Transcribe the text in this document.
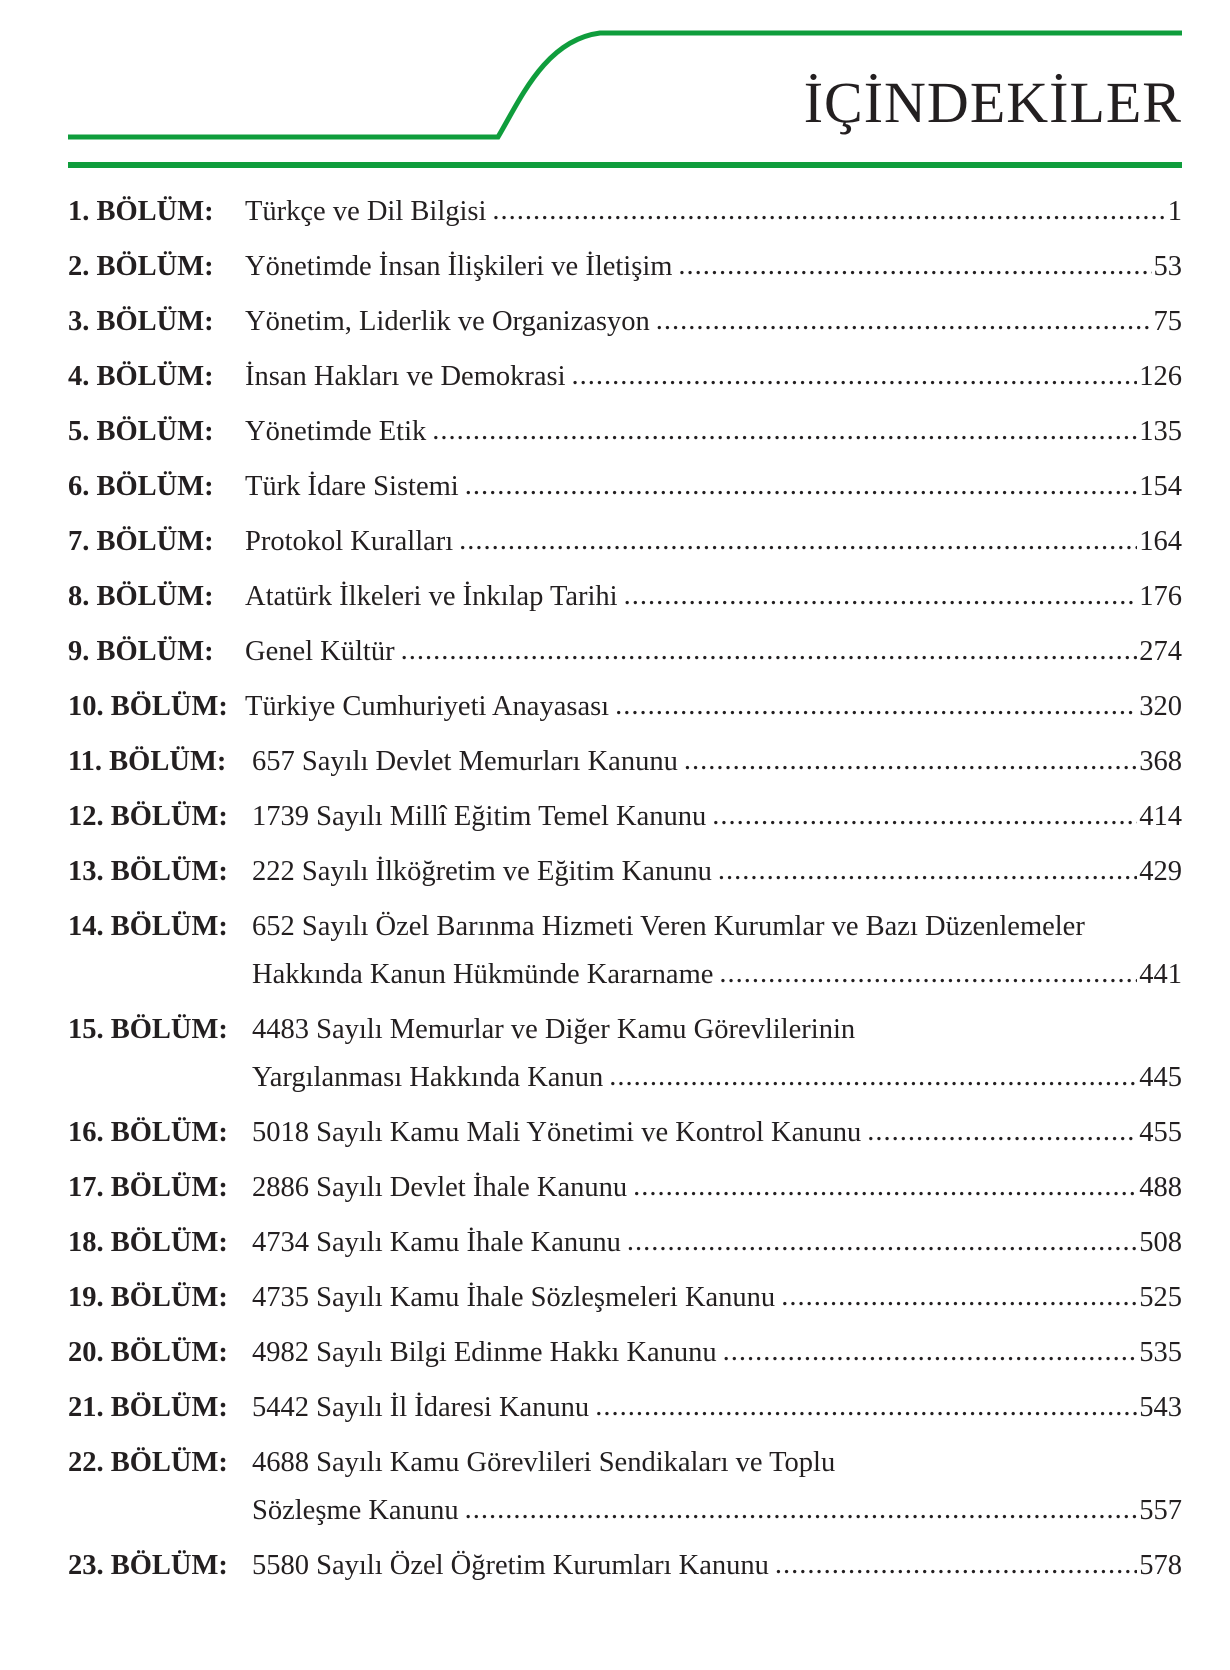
İÇİNDEKİLER
1. BÖLÜM:	Türkçe ve Dil Bilgisi .....	1
2. BÖLÜM:	Yönetimde İnsan İlişkileri ve İletişim .....	53
3. BÖLÜM:	Yönetim, Liderlik ve Organizasyon .....	75
4. BÖLÜM:	İnsan Hakları ve Demokrasi .....	126
5. BÖLÜM:	Yönetimde Etik .....	135
6. BÖLÜM:	Türk İdare Sistemi .....	154
7. BÖLÜM:	Protokol Kuralları .....	164
8. BÖLÜM:	Atatürk İlkeleri ve İnkılap Tarihi .....	176
9. BÖLÜM:	Genel Kültür .....	274
10. BÖLÜM: Türkiye Cumhuriyeti Anayasası .....	320
11. BÖLÜM: 657 Sayılı Devlet Memurları Kanunu .....	368
12. BÖLÜM: 1739 Sayılı Millî Eğitim Temel Kanunu .....	414
13. BÖLÜM: 222 Sayılı İlköğretim ve Eğitim Kanunu .....	429
14. BÖLÜM: 652 Sayılı Özel Barınma Hizmeti Veren Kurumlar ve Bazı Düzenlemeler
Hakkında Kanun Hükmünde Kararname .....	441
15. BÖLÜM: 4483 Sayılı Memurlar ve Diğer Kamu Görevlilerinin
Yargılanması Hakkında Kanun .....	445
16. BÖLÜM: 5018 Sayılı Kamu Mali Yönetimi ve Kontrol Kanunu .....	455
17. BÖLÜM: 2886 Sayılı Devlet İhale Kanunu .....	488
18. BÖLÜM: 4734 Sayılı Kamu İhale Kanunu .....	508
19. BÖLÜM: 4735 Sayılı Kamu İhale Sözleşmeleri Kanunu .....	525
20. BÖLÜM: 4982 Sayılı Bilgi Edinme Hakkı Kanunu .....	535
21. BÖLÜM: 5442 Sayılı İl İdaresi Kanunu .....	543
22. BÖLÜM: 4688 Sayılı Kamu Görevlileri Sendikaları ve Toplu
Sözleşme Kanunu .....	557
23. BÖLÜM: 5580 Sayılı Özel Öğretim Kurumları Kanunu .....	578
